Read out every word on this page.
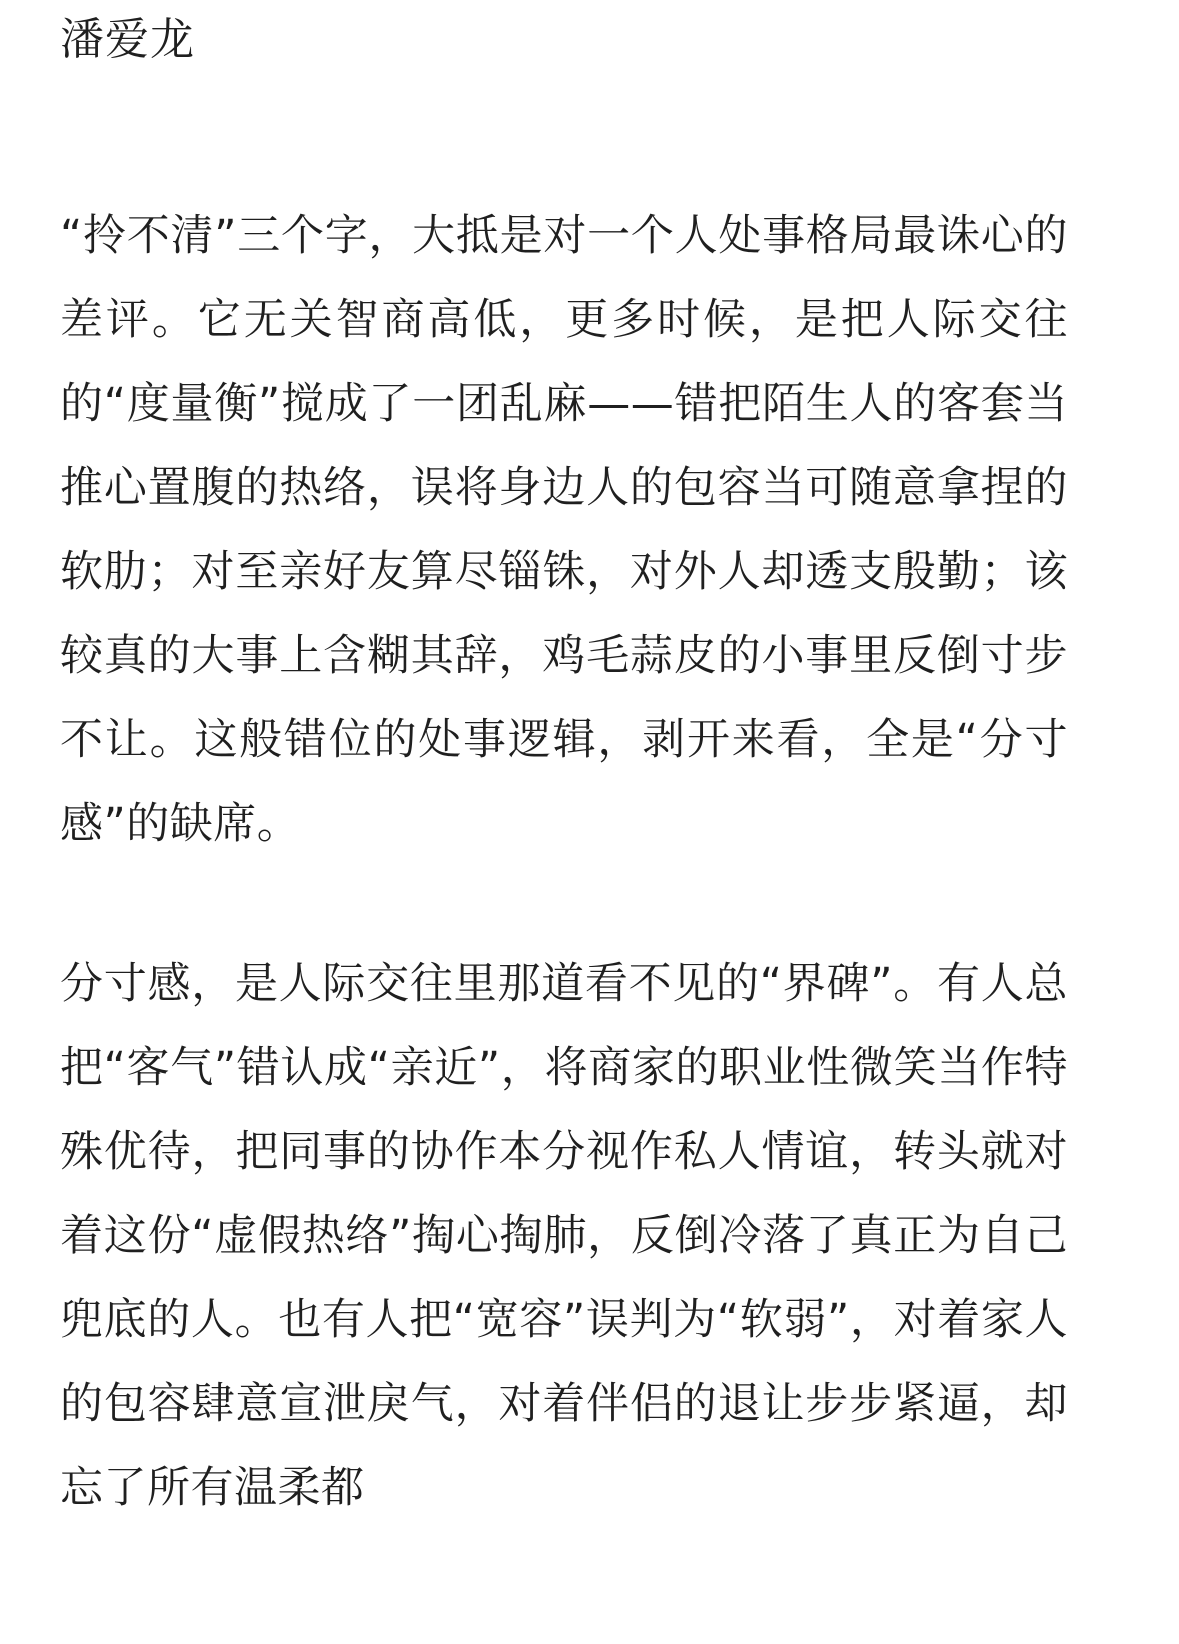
潘爱龙

“拎不清”三个字，大抵是对一个人处事格局最诛心的差评。它无关智商高低，更多时候，是把人际交往的“度量衡”搅成了一团乱麻——错把陌生人的客套当推心置腹的热络，误将身边人的包容当可随意拿捏的软肋；对至亲好友算尽锱铢，对外人却透支殷勤；该较真的大事上含糊其辞，鸡毛蒜皮的小事里反倒寸步不让。这般错位的处事逻辑，剥开来看，全是“分寸感”的缺席。

分寸感，是人际交往里那道看不见的“界碑”。有人总把“客气”错认成“亲近”，将商家的职业性微笑当作特殊优待，把同事的协作本分视作私人情谊，转头就对着这份“虚假热络”掏心掏肺，反倒冷落了真正为自己兜底的人。也有人把“宽容”误判为“软弱”，对着家人的包容肆意宣泄戾气，对着伴侣的退让步步紧逼，却忘了所有温柔都
